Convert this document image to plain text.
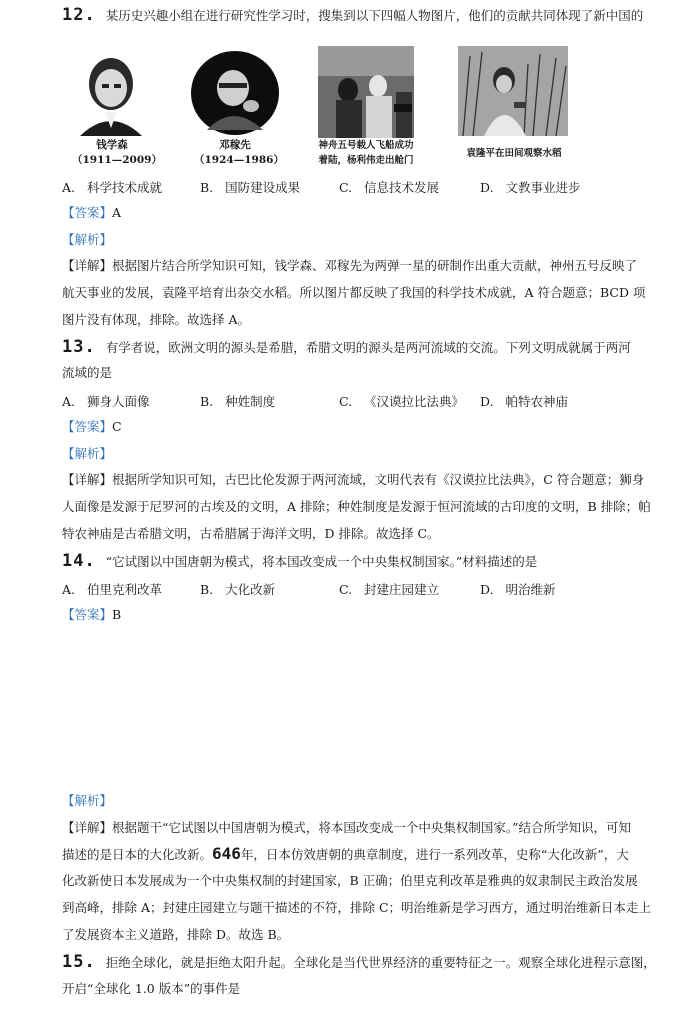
12. 某历史兴趣小组在进行研究性学习时，搜集到以下四幅人物图片，他们的贡献共同体现了新中国的
钱学森
（1911—2009）
邓稼先
（1924—1986）
神舟五号载人飞船成功
着陆，杨利伟走出舱门
袁隆平在田间观察水稻
A. 科学技术成就	B. 国防建设成果	C. 信息技术发展	D. 文教事业进步
【答案】A
【解析】
【详解】根据图片结合所学知识可知，钱学森、邓稼先为两弹一星的研制作出重大贡献，神州五号反映了
航天事业的发展，袁隆平培育出杂交水稻。所以图片都反映了我国的科学技术成就，A 符合题意；BCD 项
图片没有体现，排除。故选择 A。
13. 有学者说，欧洲文明的源头是希腊，希腊文明的源头是两河流域的交流。下列文明成就属于两河
流域的是
A. 狮身人面像	B. 种姓制度	C. 《汉谟拉比法典》 D. 帕特农神庙
【答案】C
【解析】
【详解】根据所学知识可知，古巴比伦发源于两河流域，文明代表有《汉谟拉比法典》，C 符合题意；狮身
人面像是发源于尼罗河的古埃及的文明，A 排除；种姓制度是发源于恒河流域的古印度的文明，B 排除；帕
特农神庙是古希腊文明，古希腊属于海洋文明，D 排除。故选择 C。
14. “它试图以中国唐朝为模式，将本国改变成一个中央集权制国家。”材料描述的是
A. 伯里克利改革	B. 大化改新	C. 封建庄园建立	D. 明治维新
【答案】B
【解析】
【详解】根据题干“它试图以中国唐朝为模式，将本国改变成一个中央集权制国家。”结合所学知识，可知
描述的是日本的大化改新。646年，日本仿效唐朝的典章制度，进行一系列改革，史称“大化改新”，大
化改新使日本发展成为一个中央集权制的封建国家，B 正确；伯里克利改革是雅典的奴隶制民主政治发展
到高峰，排除 A；封建庄园建立与题干描述的不符，排除 C；明治维新是学习西方，通过明治维新日本走上
了发展资本主义道路，排除 D。故选 B。
15. 拒绝全球化，就是拒绝太阳升起。全球化是当代世界经济的重要特征之一。观察全球化进程示意图，
开启“全球化 1.0 版本”的事件是
